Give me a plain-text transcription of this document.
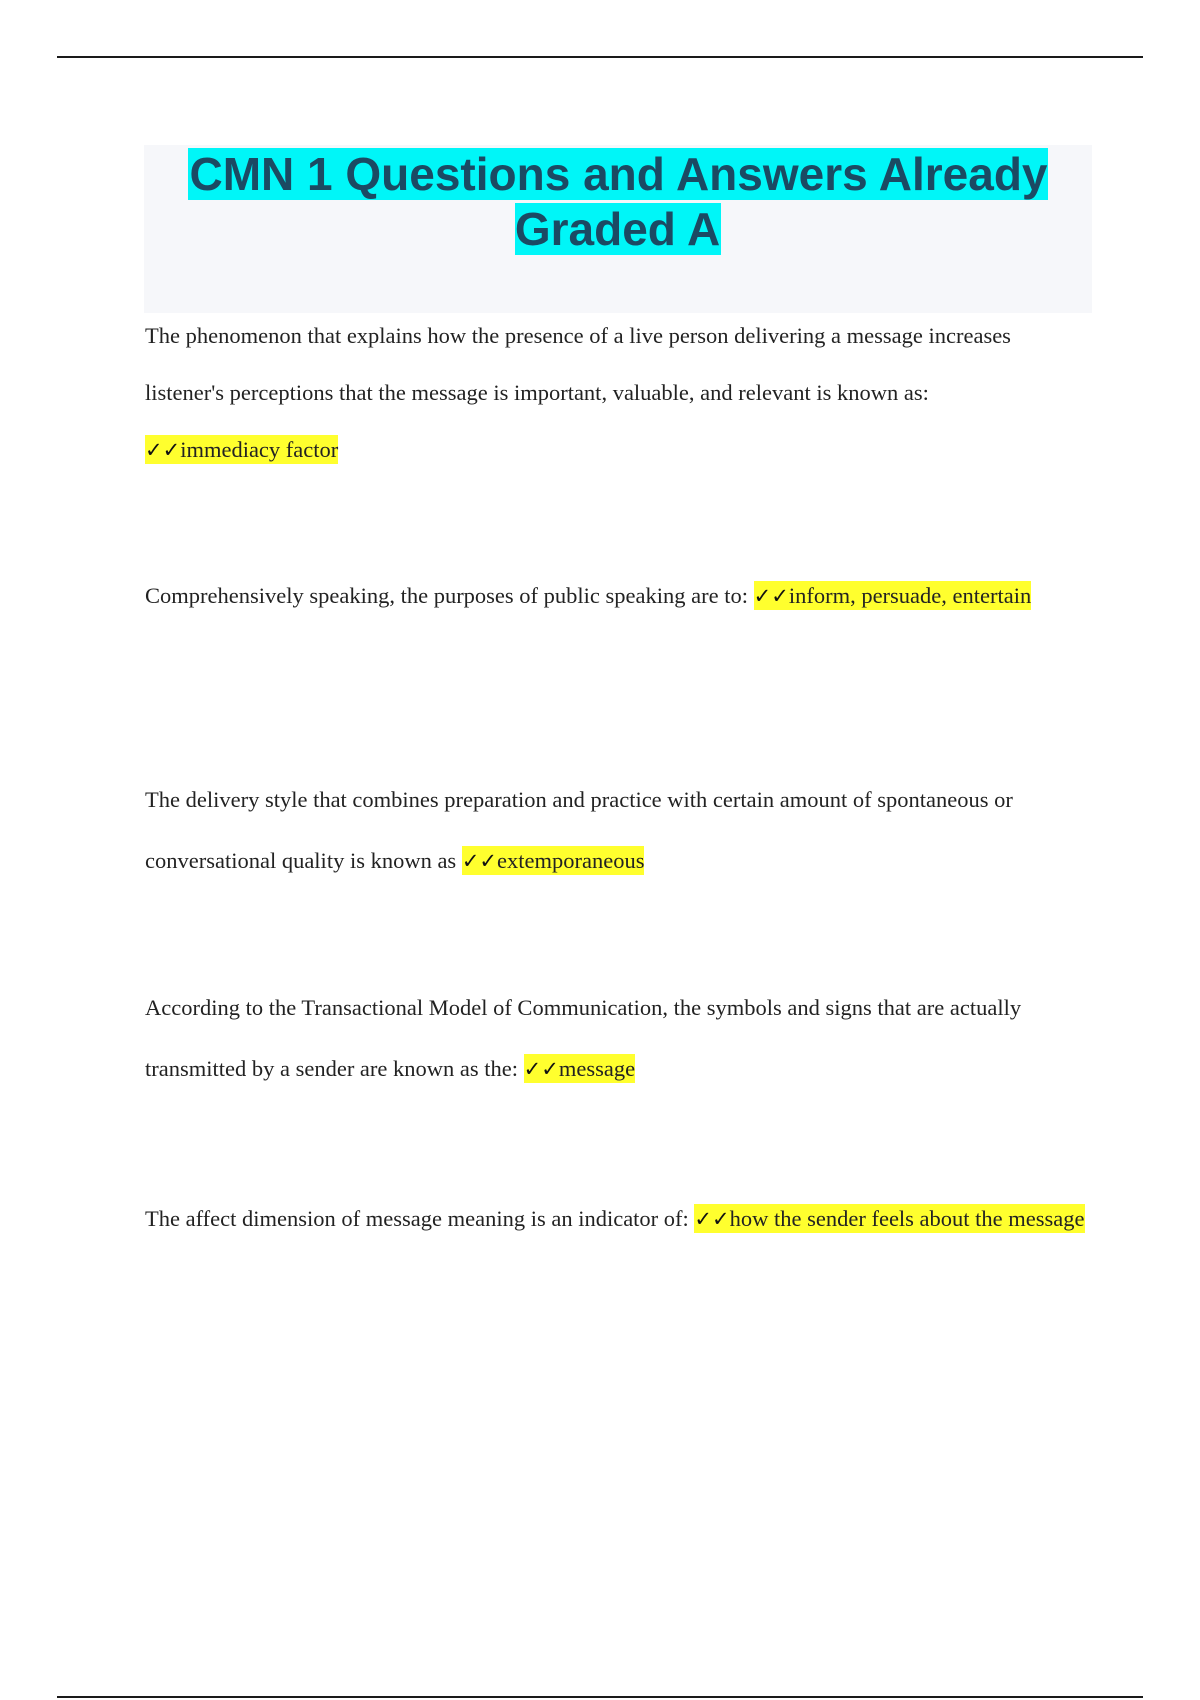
CMN 1 Questions and Answers Already Graded A

The phenomenon that explains how the presence of a live person delivering a message increases listener's perceptions that the message is important, valuable, and relevant is known as:
✓✓immediacy factor

Comprehensively speaking, the purposes of public speaking are to: ✓✓inform, persuade, entertain

The delivery style that combines preparation and practice with certain amount of spontaneous or conversational quality is known as ✓✓extemporaneous

According to the Transactional Model of Communication, the symbols and signs that are actually transmitted by a sender are known as the: ✓✓message

The affect dimension of message meaning is an indicator of: ✓✓how the sender feels about the message
